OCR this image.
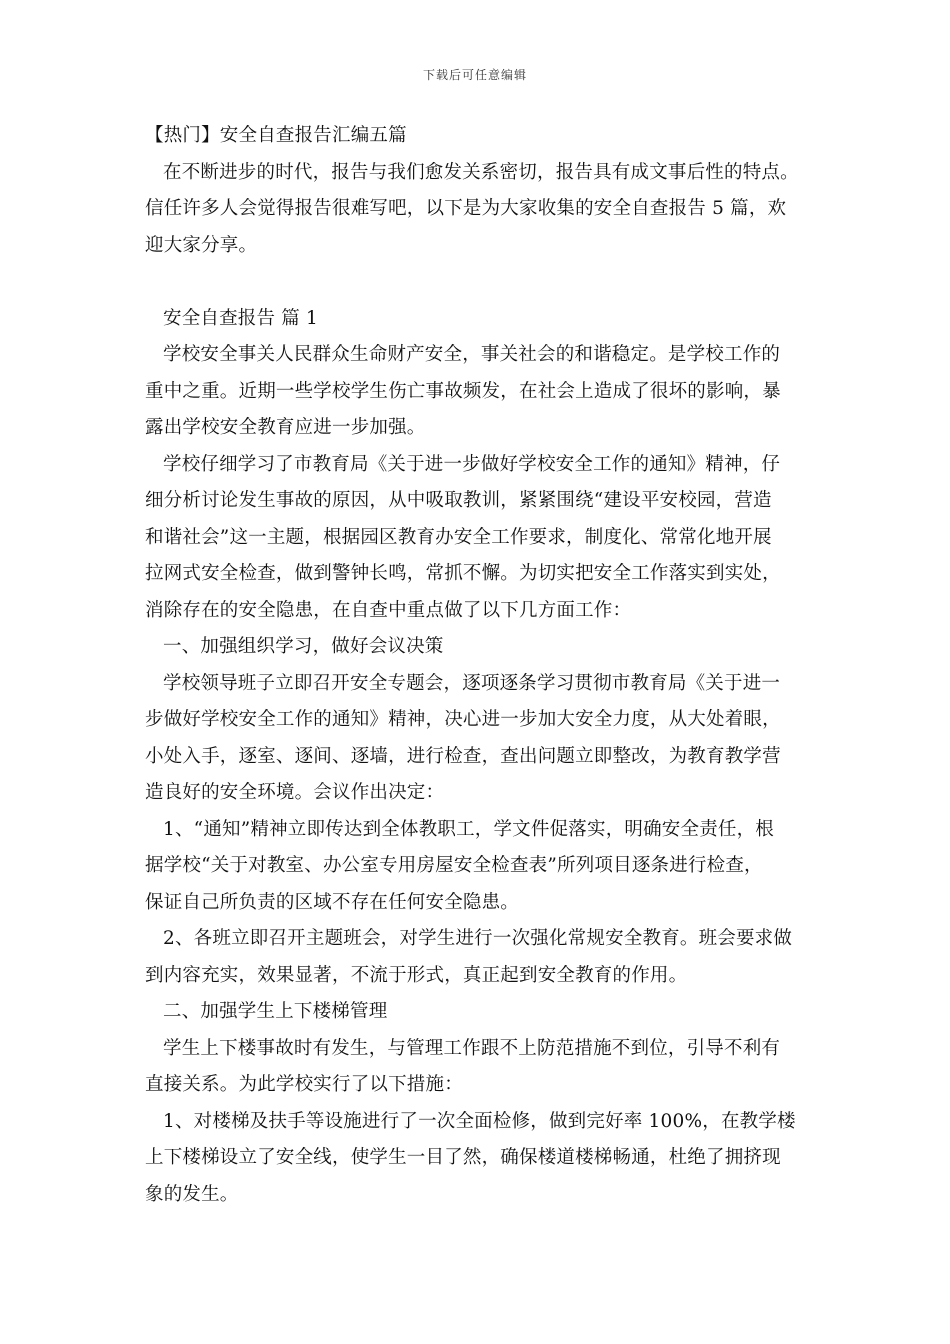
下载后可任意编辑
【热门】安全自查报告汇编五篇
在不断进步的时代，报告与我们愈发关系密切，报告具有成文事后性的特点。
信任许多人会觉得报告很难写吧，以下是为大家收集的安全自查报告 5 篇，欢
迎大家分享。
安全自查报告 篇 1
学校安全事关人民群众生命财产安全，事关社会的和谐稳定。是学校工作的
重中之重。近期一些学校学生伤亡事故频发，在社会上造成了很坏的影响，暴
露出学校安全教育应进一步加强。
学校仔细学习了市教育局《关于进一步做好学校安全工作的通知》精神，仔
细分析讨论发生事故的原因，从中吸取教训，紧紧围绕“建设平安校园，营造
和谐社会”这一主题，根据园区教育办安全工作要求，制度化、常常化地开展
拉网式安全检查，做到警钟长鸣，常抓不懈。为切实把安全工作落实到实处，
消除存在的安全隐患，在自查中重点做了以下几方面工作：
一、加强组织学习，做好会议决策
学校领导班子立即召开安全专题会，逐项逐条学习贯彻市教育局《关于进一
步做好学校安全工作的通知》精神，决心进一步加大安全力度，从大处着眼，
小处入手，逐室、逐间、逐墙，进行检查，查出问题立即整改，为教育教学营
造良好的安全环境。会议作出决定：
1、“通知”精神立即传达到全体教职工，学文件促落实，明确安全责任，根
据学校“关于对教室、办公室专用房屋安全检查表”所列项目逐条进行检查，
保证自己所负责的区域不存在任何安全隐患。
2、各班立即召开主题班会，对学生进行一次强化常规安全教育。班会要求做
到内容充实，效果显著，不流于形式，真正起到安全教育的作用。
二、加强学生上下楼梯管理
学生上下楼事故时有发生，与管理工作跟不上防范措施不到位，引导不利有
直接关系。为此学校实行了以下措施：
1、对楼梯及扶手等设施进行了一次全面检修，做到完好率 100%，在教学楼
上下楼梯设立了安全线，使学生一目了然，确保楼道楼梯畅通，杜绝了拥挤现
象的发生。
